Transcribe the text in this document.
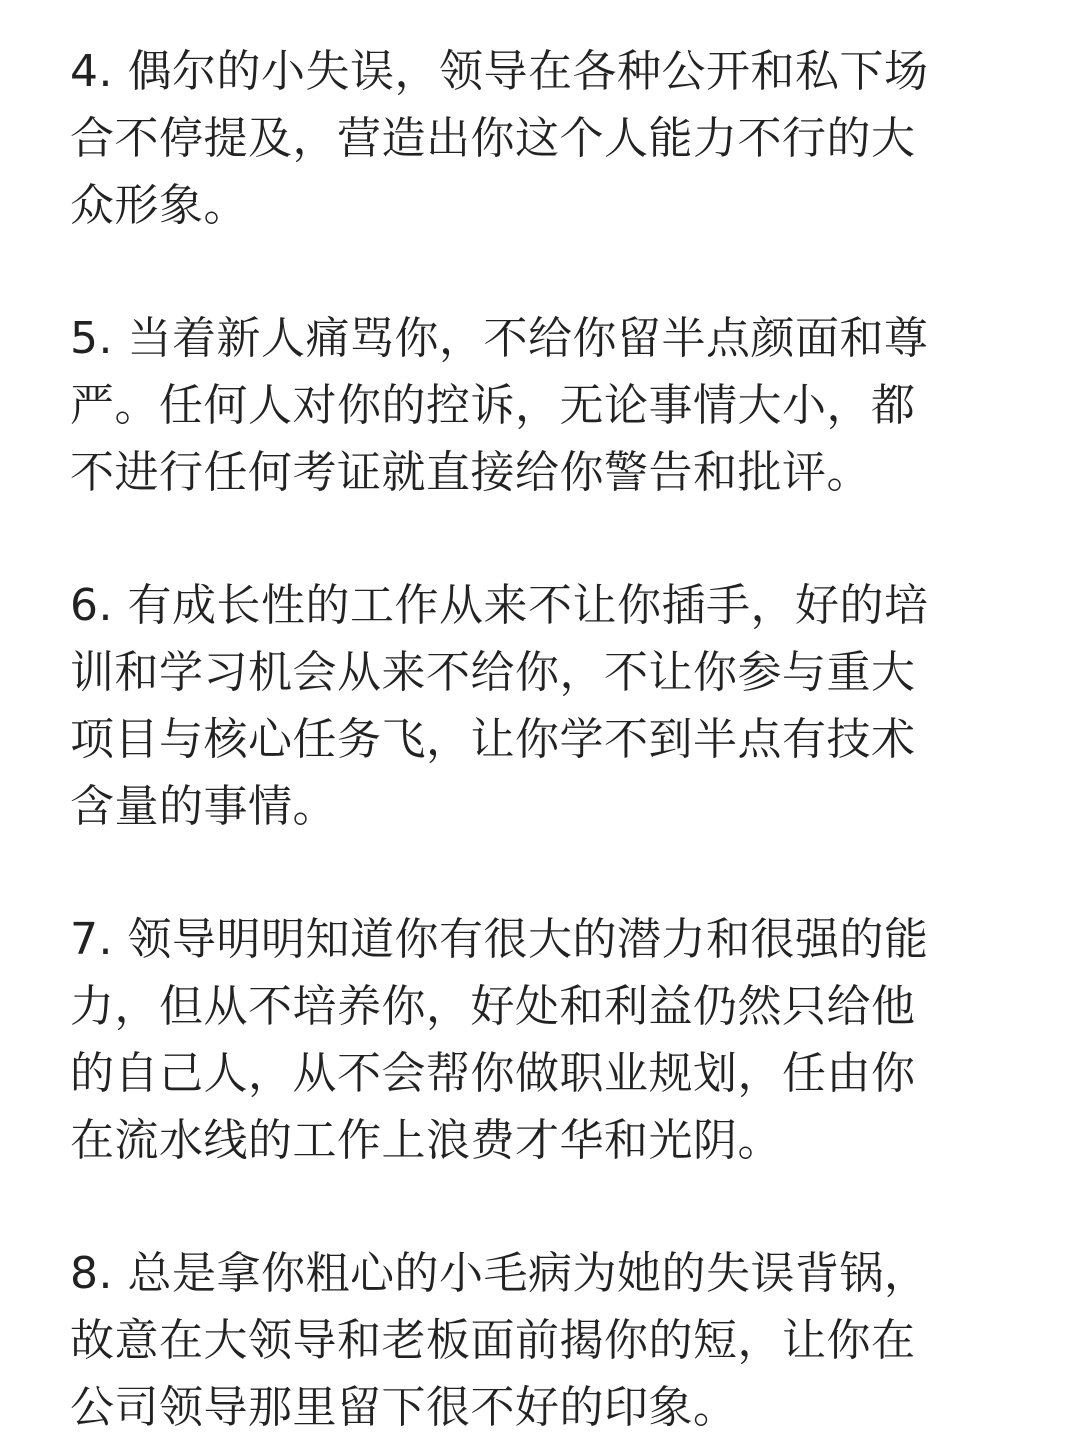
4. 偶尔的小失误，领导在各种公开和私下场
合不停提及，营造出你这个人能力不行的大
众形象。
5. 当着新人痛骂你，不给你留半点颜面和尊
严。任何人对你的控诉，无论事情大小，都
不进行任何考证就直接给你警告和批评。
6. 有成长性的工作从来不让你插手，好的培
训和学习机会从来不给你，不让你参与重大
项目与核心任务飞，让你学不到半点有技术
含量的事情。
7. 领导明明知道你有很大的潜力和很强的能
力，但从不培养你，好处和利益仍然只给他
的自己人，从不会帮你做职业规划，任由你
在流水线的工作上浪费才华和光阴。
8. 总是拿你粗心的小毛病为她的失误背锅，
故意在大领导和老板面前揭你的短，让你在
公司领导那里留下很不好的印象。
